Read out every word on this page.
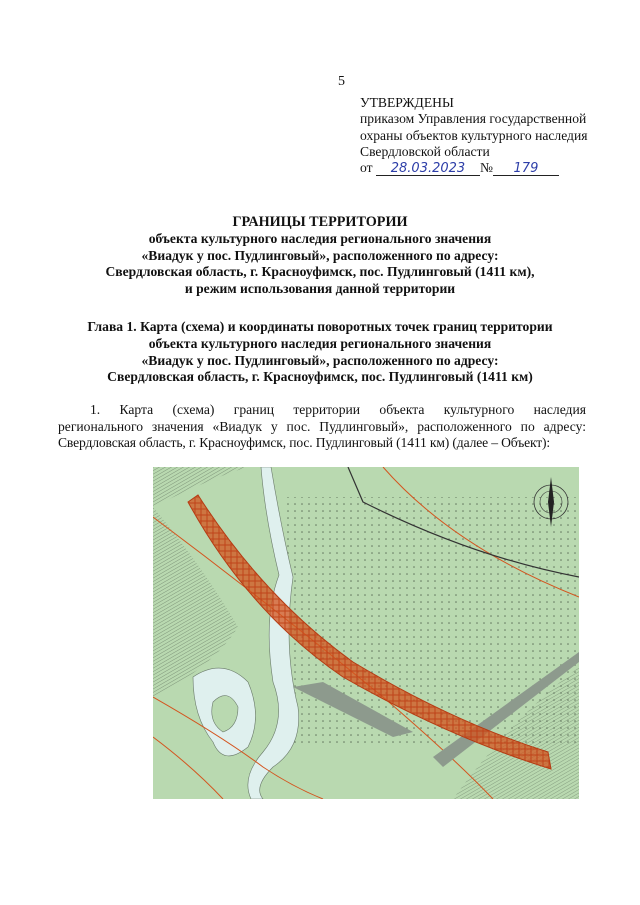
5
УТВЕРЖДЕНЫ
приказом Управления государственной
охраны объектов культурного наследия
Свердловской области
от 28.03.2023 № 179
ГРАНИЦЫ ТЕРРИТОРИИ
объекта культурного наследия регионального значения
«Виадук у пос. Пудлинговый», расположенного по адресу:
Свердловская область, г. Красноуфимск, пос. Пудлинговый (1411 км),
и режим использования данной территории
Глава 1. Карта (схема) и координаты поворотных точек границ территории
объекта культурного наследия регионального значения
«Виадук у пос. Пудлинговый», расположенного по адресу:
Свердловская область, г. Красноуфимск, пос. Пудлинговый (1411 км)
1. Карта (схема) границ территории объекта культурного наследия
регионального значения «Виадук у пос. Пудлинговый», расположенного по адресу:
Свердловская область, г. Красноуфимск, пос. Пудлинговый (1411 км) (далее – Объект):
